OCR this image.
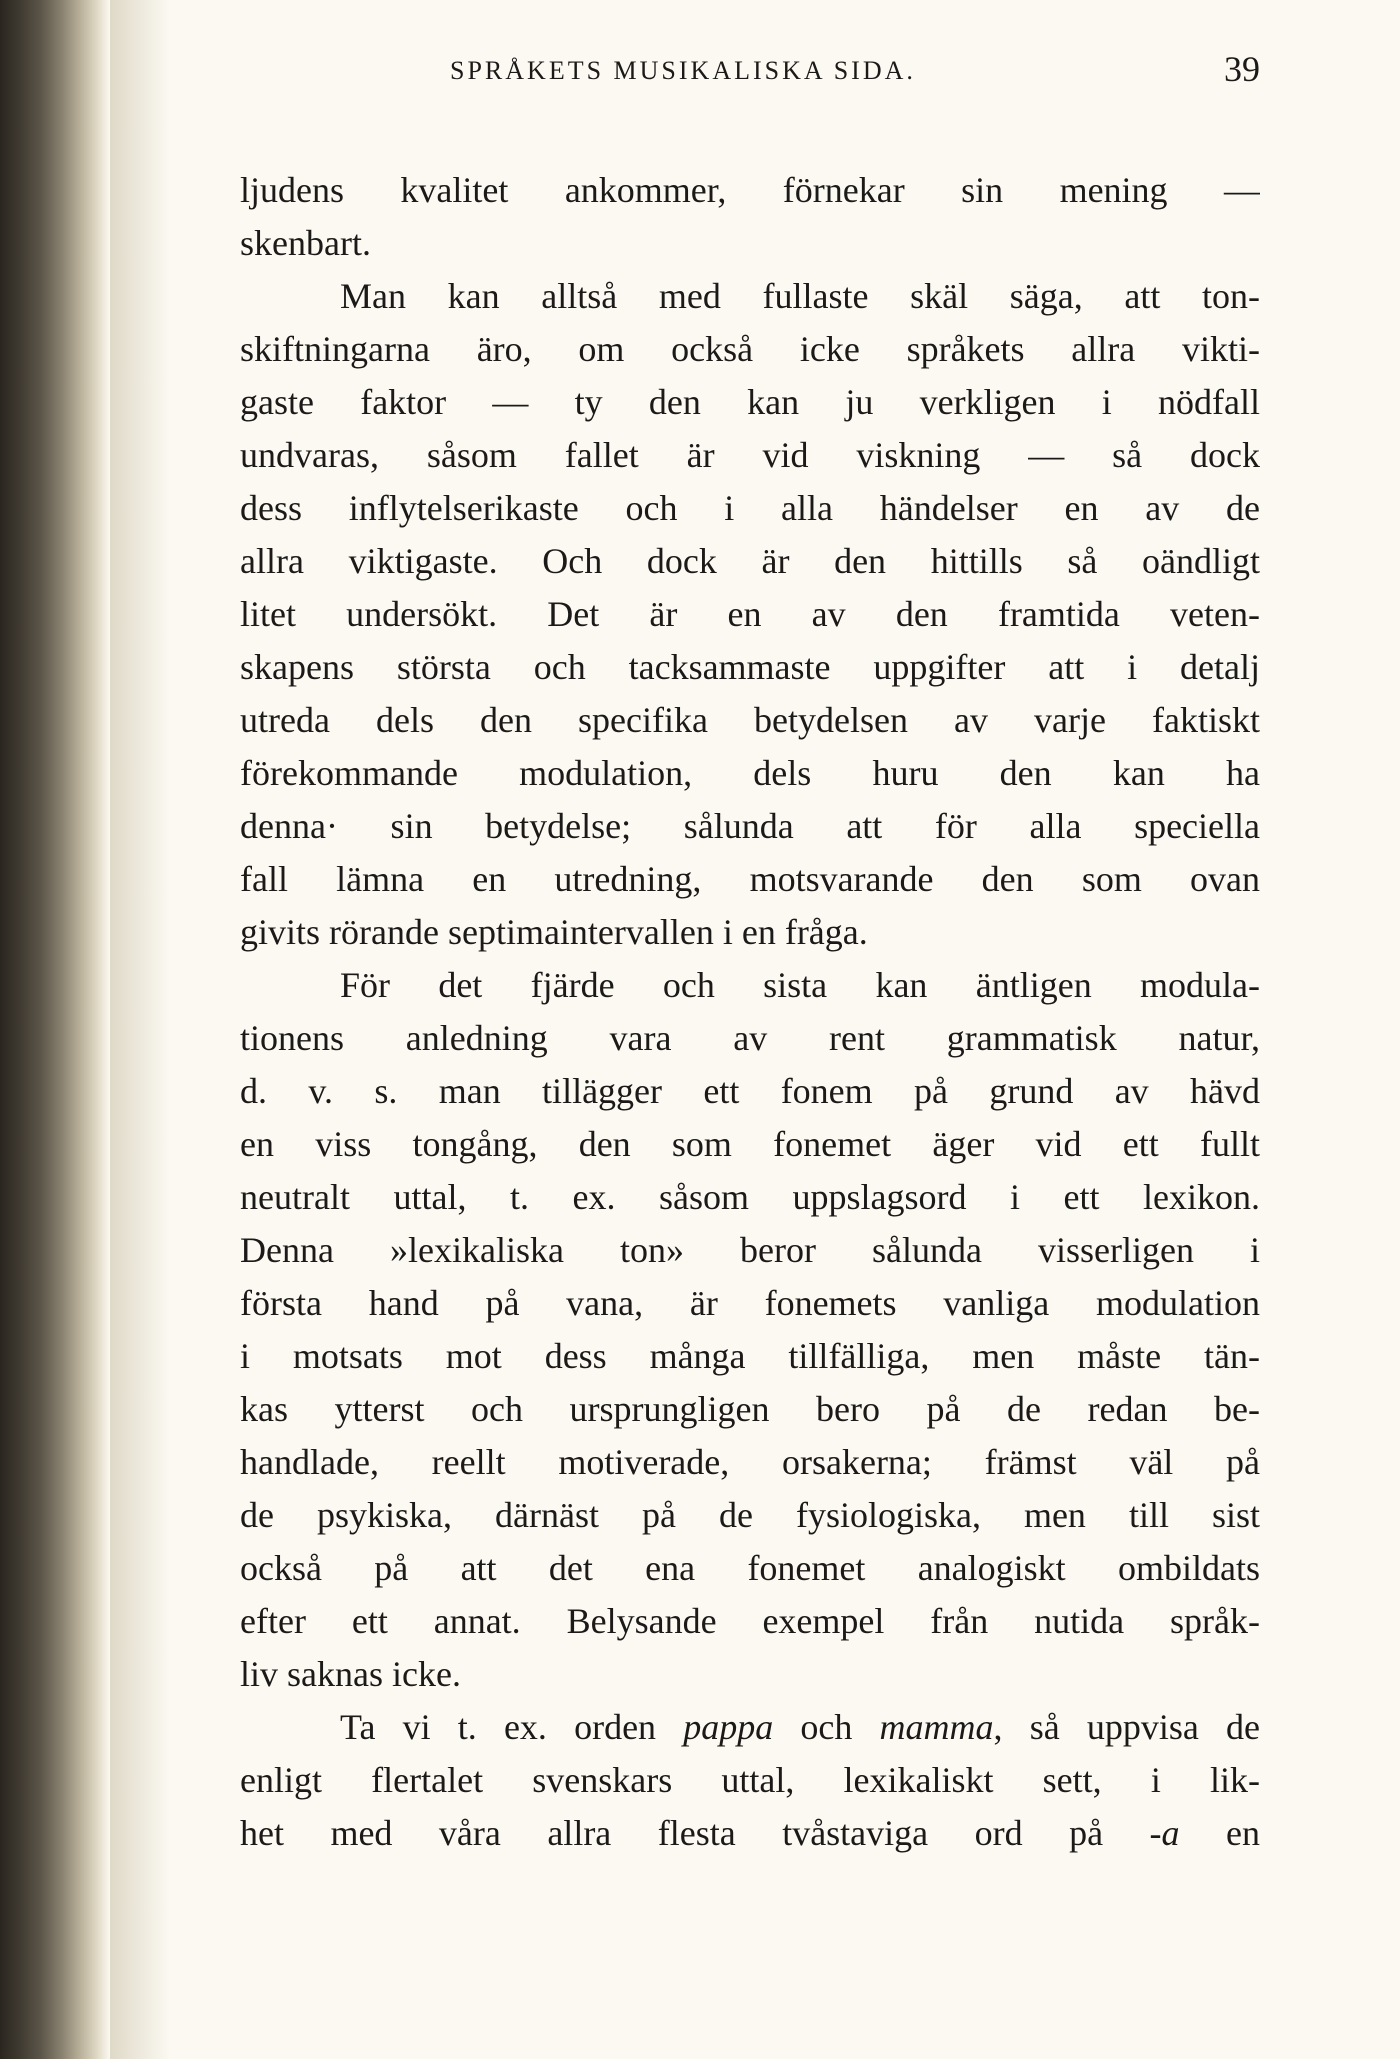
SPRÅKETS MUSIKALISKA SIDA.	39
ljudens kvalitet ankommer, förnekar sin mening —
skenbart.
Man kan alltså med fullaste skäl säga, att ton-
skiftningarna äro, om också icke språkets allra vikti-
gaste faktor — ty den kan ju verkligen i nödfall
undvaras, såsom fallet är vid viskning — så dock
dess inflytelserikaste och i alla händelser en av de
allra viktigaste. Och dock är den hittills så oändligt
litet undersökt. Det är en av den framtida veten-
skapens största och tacksammaste uppgifter att i detalj
utreda dels den specifika betydelsen av varje faktiskt
förekommande modulation, dels huru den kan ha
denna· sin betydelse; sålunda att för alla speciella
fall lämna en utredning, motsvarande den som ovan
givits rörande septimaintervallen i en fråga.
För det fjärde och sista kan äntligen modula-
tionens anledning vara av rent grammatisk natur,
d. v. s. man tillägger ett fonem på grund av hävd
en viss tongång, den som fonemet äger vid ett fullt
neutralt uttal, t. ex. såsom uppslagsord i ett lexikon.
Denna »lexikaliska ton» beror sålunda visserligen i
första hand på vana, är fonemets vanliga modulation
i motsats mot dess många tillfälliga, men måste tän-
kas ytterst och ursprungligen bero på de redan be-
handlade, reellt motiverade, orsakerna; främst väl på
de psykiska, därnäst på de fysiologiska, men till sist
också på att det ena fonemet analogiskt ombildats
efter ett annat. Belysande exempel från nutida språk-
liv saknas icke.
Ta vi t. ex. orden pappa och mamma, så uppvisa de
enligt flertalet svenskars uttal, lexikaliskt sett, i lik-
het med våra allra flesta tvåstaviga ord på -a en
